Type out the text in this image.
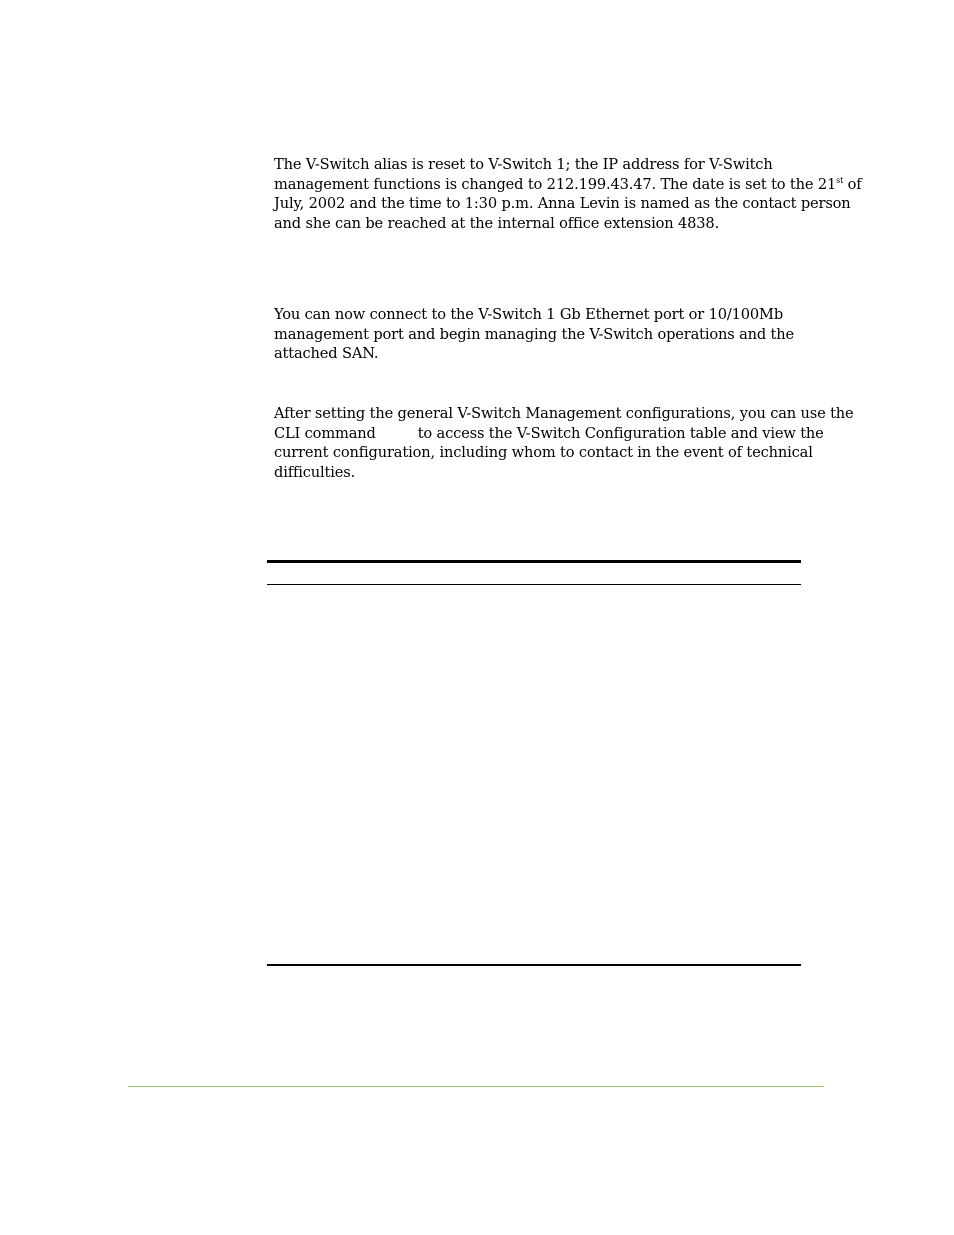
The V-Switch alias is reset to V-Switch 1; the IP address for V-Switch
management functions is changed to 212.199.43.47. The date is set to the 21st of
July, 2002 and the time to 1:30 p.m. Anna Levin is named as the contact person
and she can be reached at the internal office extension 4838.

You can now connect to the V-Switch 1 Gb Ethernet port or 10/100Mb
management port and begin managing the V-Switch operations and the
attached SAN.

After setting the general V-Switch Management configurations, you can use the
CLI command	to access the V-Switch Configuration table and view the
current configuration, including whom to contact in the event of technical
difficulties.
